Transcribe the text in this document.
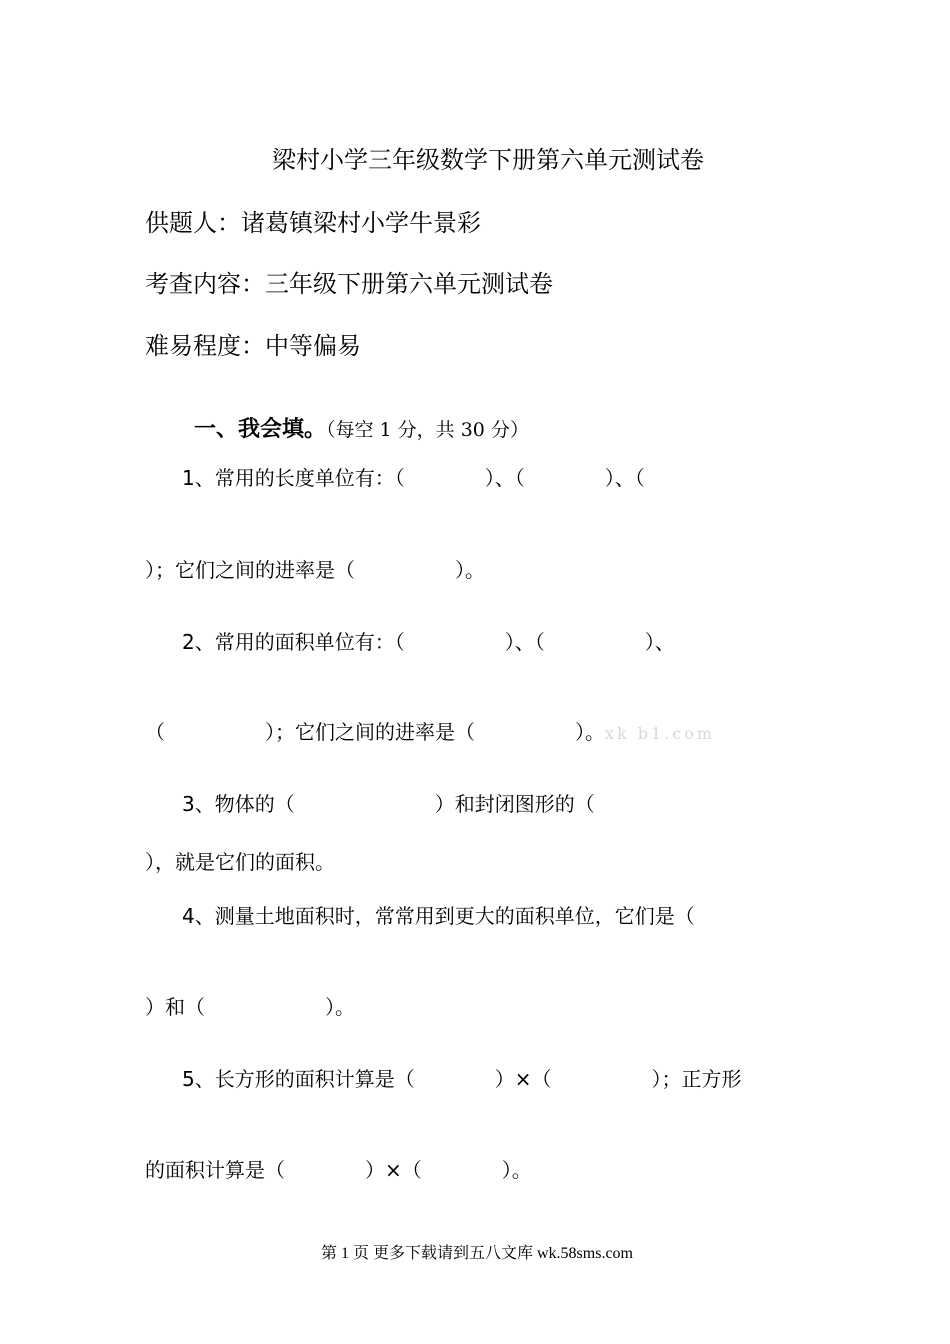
梁村小学三年级数学下册第六单元测试卷
供题人：诸葛镇梁村小学牛景彩
考查内容：三年级下册第六单元测试卷
难易程度：中等偏易

一、我会填。（每空 1 分，共 30 分）

1、常用的长度单位有：（　　　　）、（　　　　）、（
）；它们之间的进率是（　　　　　）。
2、常用的面积单位有：（　　　　　）、（　　　　　）、
（　　　　　）；它们之间的进率是（　　　　　）。xk b1.com
3、物体的（　　　　　　　）和封闭图形的（
），就是它们的面积。
4、测量土地面积时，常常用到更大的面积单位，它们是（
）和（　　　　　　）。
5、长方形的面积计算是（　　　　）×（　　　　　）；正方形
的面积计算是（　　　　）×（　　　　）。
第 1 页 更多下载请到五八文库 wk.58sms.com
